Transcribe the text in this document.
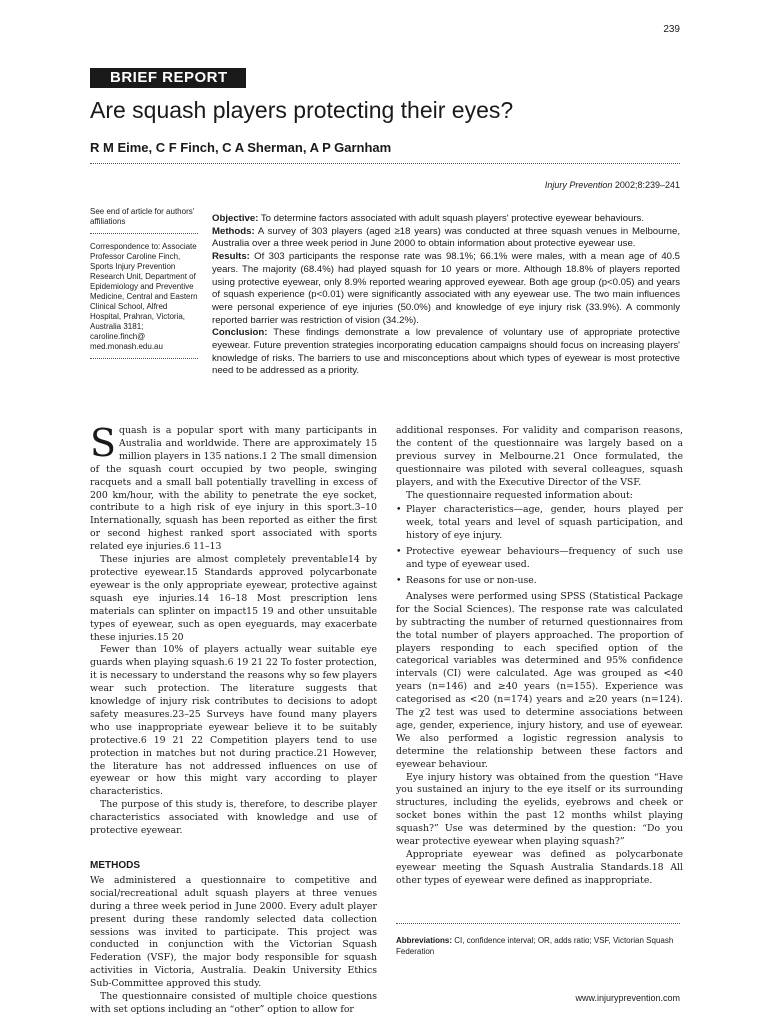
239
BRIEF REPORT
Are squash players protecting their eyes?
R M Eime, C F Finch, C A Sherman, A P Garnham
Injury Prevention 2002;8:239–241

See end of article for authors' affiliations

Correspondence to: Associate Professor Caroline Finch, Sports Injury Prevention Research Unit, Department of Epidemiology and Preventive Medicine, Central and Eastern Clinical School, Alfred Hospital, Prahran, Victoria, Australia 3181; caroline.finch@ med.monash.edu.au

Objective: To determine factors associated with adult squash players' protective eyewear behaviours.

Methods: A survey of 303 players (aged ≥18 years) was conducted at three squash venues in Melbourne, Australia over a three week period in June 2000 to obtain information about protective eyewear use.

Results: Of 303 participants the response rate was 98.1%; 66.1% were males, with a mean age of 40.5 years. The majority (68.4%) had played squash for 10 years or more. Although 18.8% of players reported using protective eyewear, only 8.9% reported wearing approved eyewear. Both age group (p<0.05) and years of squash experience (p<0.01) were significantly associated with any eyewear use. The two main influences were personal experience of eye injuries (50.0%) and knowledge of eye injury risk (33.9%). A commonly reported barrier was restriction of vision (34.2%).

Conclusion: These findings demonstrate a low prevalence of voluntary use of appropriate protective eyewear. Future prevention strategies incorporating education campaigns should focus on increasing players' knowledge of risks. The barriers to use and misconceptions about which types of eyewear is most protective need to be addressed as a priority.

Squash is a popular sport with many participants in Australia and worldwide. There are approximately 15 million players in 135 nations.1 2 The small dimension of the squash court occupied by two people, swinging racquets and a small ball potentially travelling in excess of 200 km/hour, with the ability to penetrate the eye socket, contribute to a high risk of eye injury in this sport.3–10 Internationally, squash has been reported as either the first or second highest ranked sport associated with sports related eye injuries.6 11–13

These injuries are almost completely preventable14 by protective eyewear.15 Standards approved polycarbonate eyewear is the only appropriate eyewear, protective against squash eye injuries.14 16–18 Most prescription lens materials can splinter on impact15 19 and other unsuitable types of eyewear, such as open eyeguards, may exacerbate these injuries.15 20

Fewer than 10% of players actually wear suitable eye guards when playing squash.6 19 21 22 To foster protection, it is necessary to understand the reasons why so few players wear such protection. The literature suggests that knowledge of injury risk contributes to decisions to adopt safety measures.23–25 Surveys have found many players who use inappropriate eyewear believe it to be suitably protective.6 19 21 22 Competition players tend to use protection in matches but not during practice.21 However, the literature has not addressed influences on use of eyewear or how this might vary according to player characteristics.

The purpose of this study is, therefore, to describe player characteristics associated with knowledge and use of protective eyewear.

METHODS

We administered a questionnaire to competitive and social/recreational adult squash players at three venues during a three week period in June 2000. Every adult player present during these randomly selected data collection sessions was invited to participate. This project was conducted in conjunction with the Victorian Squash Federation (VSF), the major body responsible for squash activities in Victoria, Australia. Deakin University Ethics Sub-Committee approved this study.

The questionnaire consisted of multiple choice questions with set options including an “other” option to allow for

additional responses. For validity and comparison reasons, the content of the questionnaire was largely based on a previous survey in Melbourne.21 Once formulated, the questionnaire was piloted with several colleagues, squash players, and with the Executive Director of the VSF.

The questionnaire requested information about:

• Player characteristics—age, gender, hours played per week, total years and level of squash participation, and history of eye injury.
• Protective eyewear behaviours—frequency of such use and type of eyewear used.
• Reasons for use or non-use.

Analyses were performed using SPSS (Statistical Package for the Social Sciences). The response rate was calculated by subtracting the number of returned questionnaires from the total number of players approached. The proportion of players responding to each specified option of the categorical variables was determined and 95% confidence intervals (CI) were calculated. Age was grouped as <40 years (n=146) and ≥40 years (n=155). Experience was categorised as <20 (n=174) years and ≥20 years (n=124). The χ2 test was used to determine associations between age, gender, experience, injury history, and use of eyewear. We also performed a logistic regression analysis to determine the relationship between these factors and eyewear behaviour.

Eye injury history was obtained from the question “Have you sustained an injury to the eye itself or its surrounding structures, including the eyelids, eyebrows and cheek or socket bones within the past 12 months whilst playing squash?” Use was determined by the question: “Do you wear protective eyewear when playing squash?”

Appropriate eyewear was defined as polycarbonate eyewear meeting the Squash Australia Standards.18 All other types of eyewear were defined as inappropriate.

Abbreviations: CI, confidence interval; OR, adds ratio; VSF, Victorian Squash Federation
www.injuryprevention.com
